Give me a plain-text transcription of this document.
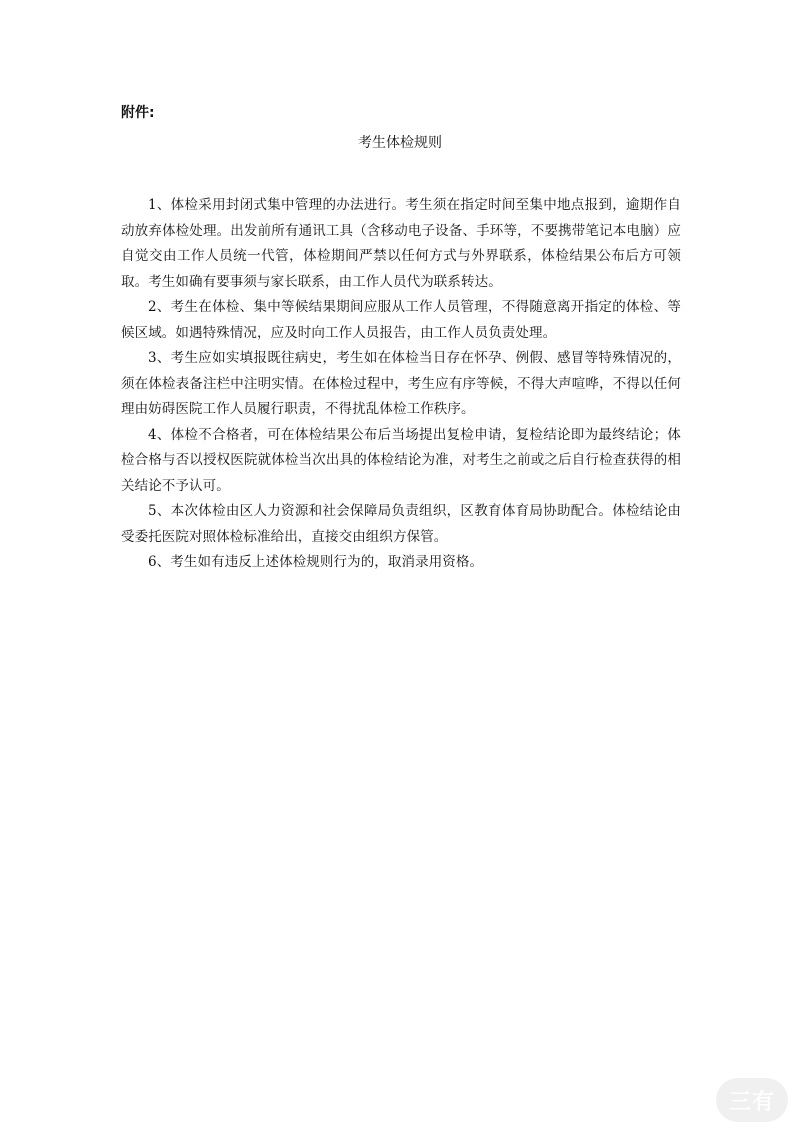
附件:

考生体检规则

1、体检采用封闭式集中管理的办法进行。考生须在指定时间至集中地点报到，逾期作自动放弃体检处理。出发前所有通讯工具（含移动电子设备、手环等，不要携带笔记本电脑）应自觉交由工作人员统一代管，体检期间严禁以任何方式与外界联系，体检结果公布后方可领取。考生如确有要事须与家长联系，由工作人员代为联系转达。

2、考生在体检、集中等候结果期间应服从工作人员管理，不得随意离开指定的体检、等候区域。如遇特殊情况，应及时向工作人员报告，由工作人员负责处理。

3、考生应如实填报既往病史，考生如在体检当日存在怀孕、例假、感冒等特殊情况的，须在体检表备注栏中注明实情。在体检过程中，考生应有序等候，不得大声喧哗，不得以任何理由妨碍医院工作人员履行职责，不得扰乱体检工作秩序。

4、体检不合格者，可在体检结果公布后当场提出复检申请，复检结论即为最终结论；体检合格与否以授权医院就体检当次出具的体检结论为准，对考生之前或之后自行检查获得的相关结论不予认可。

5、本次体检由区人力资源和社会保障局负责组织，区教育体育局协助配合。体检结论由受委托医院对照体检标准给出，直接交由组织方保管。

6、考生如有违反上述体检规则行为的，取消录用资格。

三有
